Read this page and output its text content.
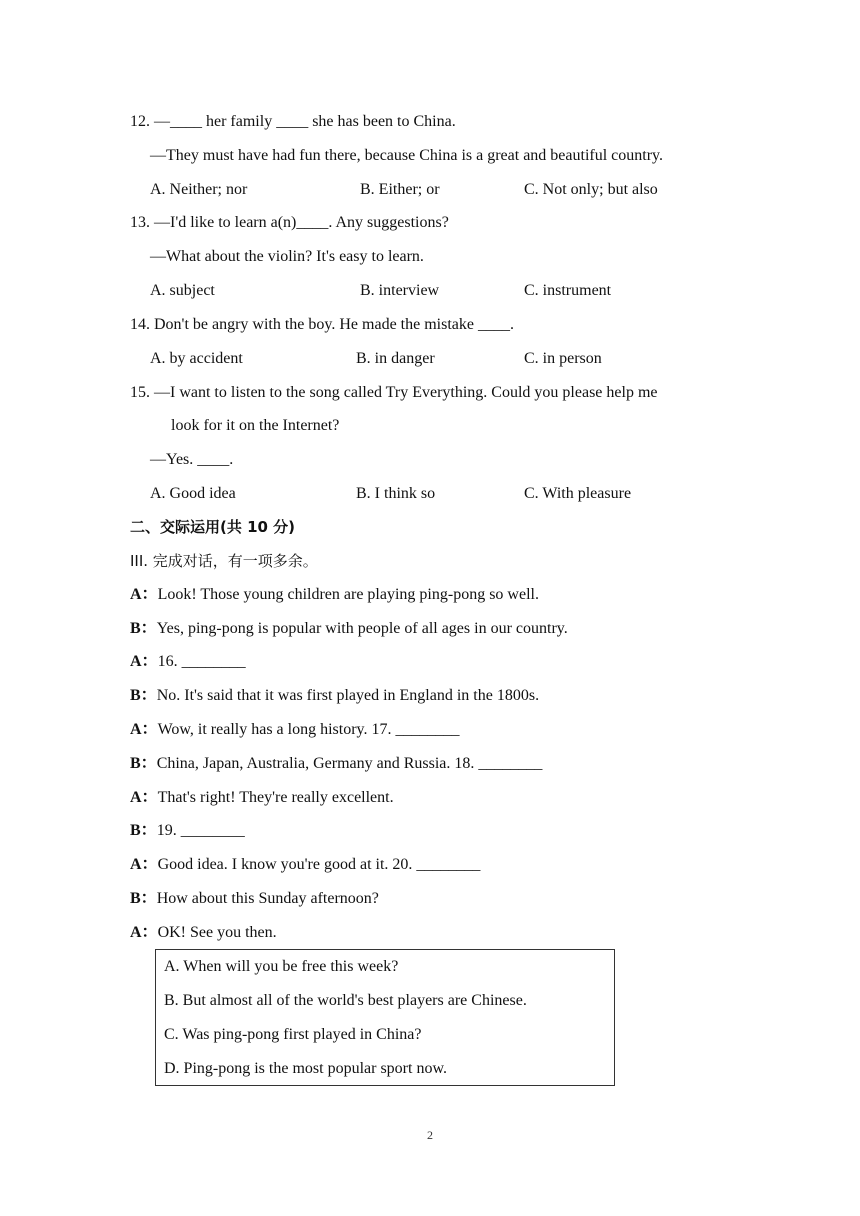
12. —____ her family ____ she has been to China.
—They must have had fun there, because China is a great and beautiful country.
A. Neither; nor	B. Either; or	C. Not only; but also
13. —I'd like to learn a(n)____. Any suggestions?
—What about the violin? It's easy to learn.
A. subject	B. interview	C. instrument
14. Don't be angry with the boy. He made the mistake ____.
A. by accident	B. in danger	C. in person
15. —I want to listen to the song called Try Everything. Could you please help me
look for it on the Internet?
—Yes. ____.
A. Good idea	B. I think so	C. With pleasure
二、交际运用(共 10 分)
III. 完成对话，有一项多余。
A：Look! Those young children are playing ping-pong so well.
B：Yes, ping-pong is popular with people of all ages in our country.
A：16. ________
B：No. It's said that it was first played in England in the 1800s.
A：Wow, it really has a long history. 17. ________
B：China, Japan, Australia, Germany and Russia. 18. ________
A：That's right! They're really excellent.
B：19. ________
A：Good idea. I know you're good at it. 20. ________
B：How about this Sunday afternoon?
A：OK! See you then.
A. When will you be free this week?
B. But almost all of the world's best players are Chinese.
C. Was ping-pong first played in China?
D. Ping-pong is the most popular sport now.
2
